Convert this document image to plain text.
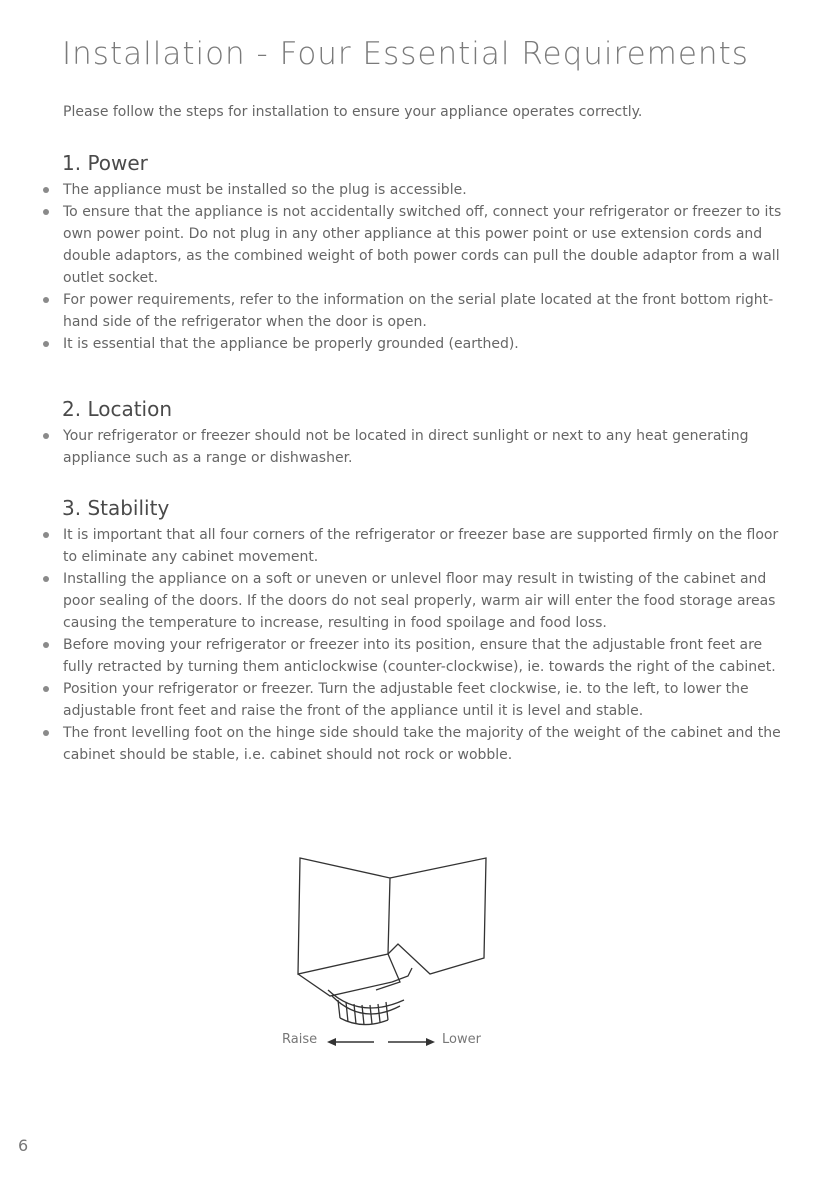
Installation - Four Essential Requirements

Please follow the steps for installation to ensure your appliance operates correctly.

1. Power
The appliance must be installed so the plug is accessible.
To ensure that the appliance is not accidentally switched off, connect your refrigerator or freezer to its own power point. Do not plug in any other appliance at this power point or use extension cords and double adaptors, as the combined weight of both power cords can pull the double adaptor from a wall outlet socket.
For power requirements, refer to the information on the serial plate located at the front bottom right-hand side of the refrigerator when the door is open.
It is essential that the appliance be properly grounded (earthed).
2. Location
Your refrigerator or freezer should not be located in direct sunlight or next to any heat generating appliance such as a range or dishwasher.
3. Stability
It is important that all four corners of the refrigerator or freezer base are supported firmly on the floor to eliminate any cabinet movement.
Installing the appliance on a soft or uneven or unlevel floor may result in twisting of the cabinet and poor sealing of the doors. If the doors do not seal properly, warm air will enter the food storage areas causing the temperature to increase, resulting in food spoilage and food loss.
Before moving your refrigerator or freezer into its position, ensure that the adjustable front feet are fully retracted by turning them anticlockwise (counter-clockwise), ie. towards the right of the cabinet.
Position your refrigerator or freezer. Turn the adjustable feet clockwise, ie. to the left, to lower the adjustable front feet and raise the front of the appliance until it is level and stable.
The front levelling foot on the hinge side should take the majority of the weight of the cabinet and the cabinet should be stable, i.e. cabinet should not rock or wobble.
Raise	Lower

6
